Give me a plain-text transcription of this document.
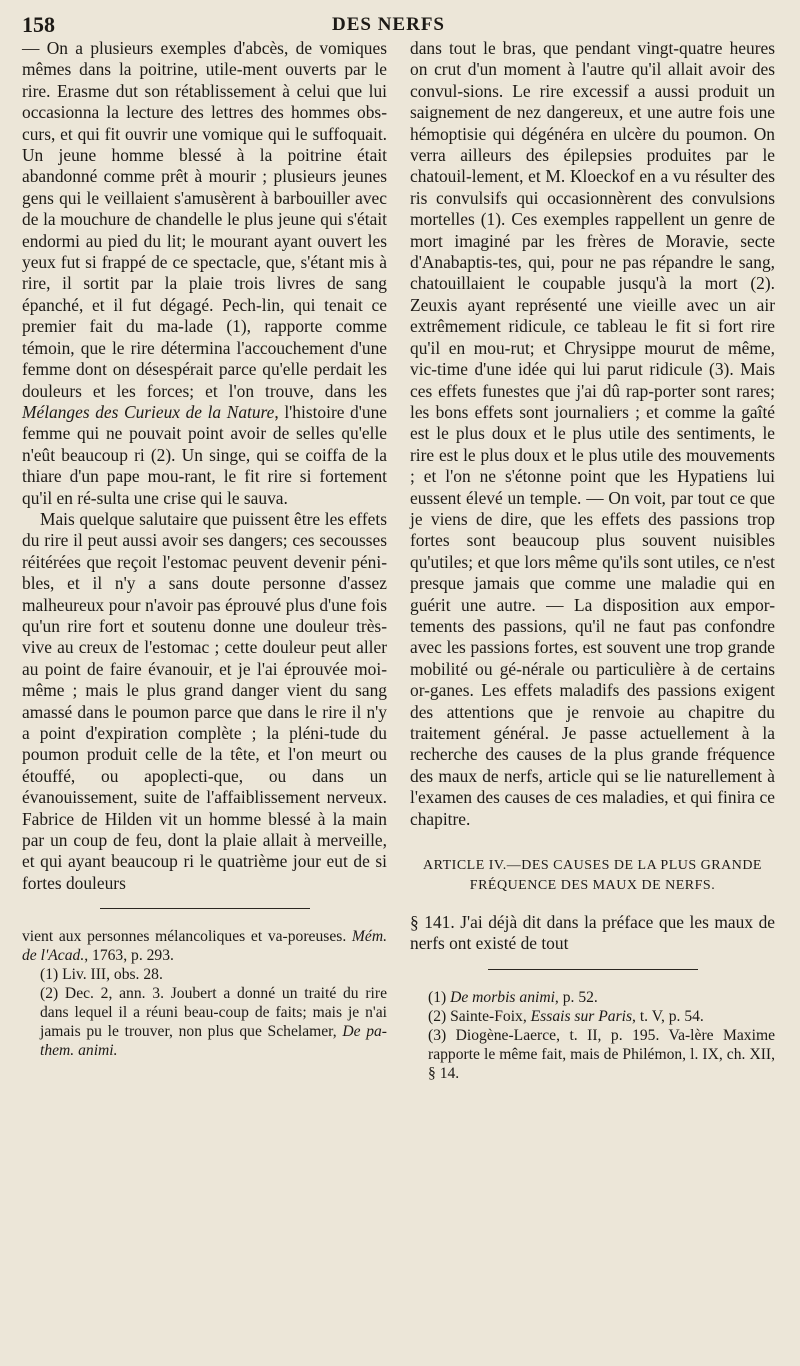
158	DES NERFS

— On a plusieurs exemples d'abcès, de vomiques mêmes dans la poitrine, utile-ment ouverts par le rire. Erasme dut son rétablissement à celui que lui occasionna la lecture des lettres des hommes obs-curs, et qui fit ouvrir une vomique qui le suffoquait. Un jeune homme blessé à la poitrine était abandonné comme prêt à mourir ; plusieurs jeunes gens qui le veillaient s'amusèrent à barbouiller avec de la mouchure de chandelle le plus jeune qui s'était endormi au pied du lit; le mourant ayant ouvert les yeux fut si frappé de ce spectacle, que, s'étant mis à rire, il sortit par la plaie trois livres de sang épanché, et il fut dégagé. Pech-lin, qui tenait ce premier fait du ma-lade (1), rapporte comme témoin, que le rire détermina l'accouchement d'une femme dont on désespérait parce qu'elle perdait les douleurs et les forces; et l'on trouve, dans les Mélanges des Curieux de la Nature, l'histoire d'une femme qui ne pouvait point avoir de selles qu'elle n'eût beaucoup ri (2). Un singe, qui se coiffa de la thiare d'un pape mou-rant, le fit rire si fortement qu'il en ré-sulta une crise qui le sauva.

Mais quelque salutaire que puissent être les effets du rire il peut aussi avoir ses dangers; ces secousses réitérées que reçoit l'estomac peuvent devenir péni-bles, et il n'y a sans doute personne d'assez malheureux pour n'avoir pas éprouvé plus d'une fois qu'un rire fort et soutenu donne une douleur très-vive au creux de l'estomac ; cette douleur peut aller au point de faire évanouir, et je l'ai éprouvée moi-même ; mais le plus grand danger vient du sang amassé dans le poumon parce que dans le rire il n'y a point d'expiration complète ; la pléni-tude du poumon produit celle de la tête, et l'on meurt ou étouffé, ou apoplecti-que, ou dans un évanouissement, suite de l'affaiblissement nerveux. Fabrice de Hilden vit un homme blessé à la main par un coup de feu, dont la plaie allait à merveille, et qui ayant beaucoup ri le quatrième jour eut de si fortes douleurs

vient aux personnes mélancoliques et va-poreuses. Mém. de l'Acad., 1763, p. 293.

(1) Liv. III, obs. 28.

(2) Dec. 2, ann. 3. Joubert a donné un traité du rire dans lequel il a réuni beau-coup de faits; mais je n'ai jamais pu le trouver, non plus que Schelamer, De pa-them. animi.

dans tout le bras, que pendant vingt-quatre heures on crut d'un moment à l'autre qu'il allait avoir des convul-sions. Le rire excessif a aussi produit un saignement de nez dangereux, et une autre fois une hémoptisie qui dégénéra en ulcère du poumon. On verra ailleurs des épilepsies produites par le chatouil-lement, et M. Kloeckof en a vu résulter des ris convulsifs qui occasionnèrent des convulsions mortelles (1). Ces exemples rappellent un genre de mort imaginé par les frères de Moravie, secte d'Anabaptis-tes, qui, pour ne pas répandre le sang, chatouillaient le coupable jusqu'à la mort (2). Zeuxis ayant représenté une vieille avec un air extrêmement ridicule, ce tableau le fit si fort rire qu'il en mou-rut; et Chrysippe mourut de même, vic-time d'une idée qui lui parut ridicule (3). Mais ces effets funestes que j'ai dû rap-porter sont rares; les bons effets sont journaliers ; et comme la gaîté est le plus doux et le plus utile des sentiments, le rire est le plus doux et le plus utile des mouvements ; et l'on ne s'étonne point que les Hypatiens lui eussent élevé un temple. — On voit, par tout ce que je viens de dire, que les effets des passions trop fortes sont beaucoup plus souvent nuisibles qu'utiles; et que lors même qu'ils sont utiles, ce n'est presque jamais que comme une maladie qui en guérit une autre. — La disposition aux empor-tements des passions, qu'il ne faut pas confondre avec les passions fortes, est souvent une trop grande mobilité ou gé-nérale ou particulière à de certains or-ganes. Les effets maladifs des passions exigent des attentions que je renvoie au chapitre du traitement général. Je passe actuellement à la recherche des causes de la plus grande fréquence des maux de nerfs, article qui se lie naturellement à l'examen des causes de ces maladies, et qui finira ce chapitre.

ARTICLE IV.—DES CAUSES DE LA PLUS GRANDE
FRÉQUENCE DES MAUX DE NERFS.

§ 141. J'ai déjà dit dans la préface que les maux de nerfs ont existé de tout

(1) De morbis animi, p. 52.

(2) Sainte-Foix, Essais sur Paris, t. V, p. 54.

(3) Diogène-Laerce, t. II, p. 195. Va-lère Maxime rapporte le même fait, mais de Philémon, l. IX, ch. XII, § 14.
